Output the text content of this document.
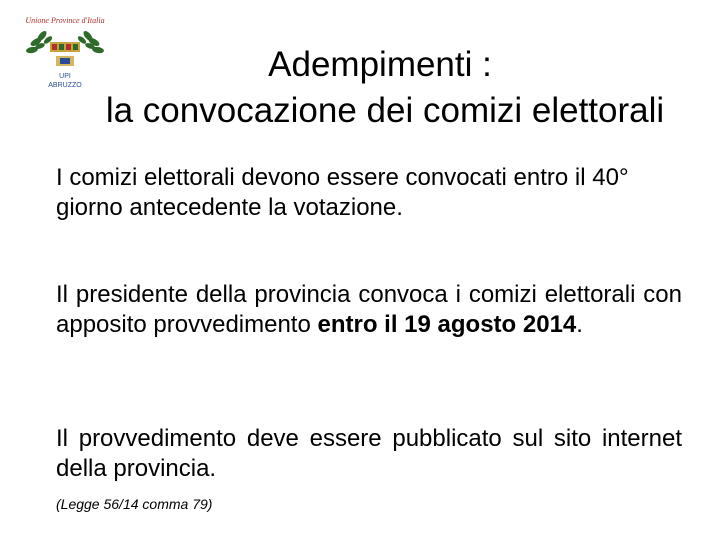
Unione Province d'Italia
UPI
ABRUZZO
Adempimenti :
la convocazione dei comizi elettorali
I comizi elettorali devono essere convocati entro il 40° giorno antecedente la votazione.
Il presidente della provincia convoca i comizi elettorali con apposito provvedimento entro il 19 agosto 2014.
Il provvedimento deve essere pubblicato sul sito internet della provincia.
(Legge 56/14 comma 79)
